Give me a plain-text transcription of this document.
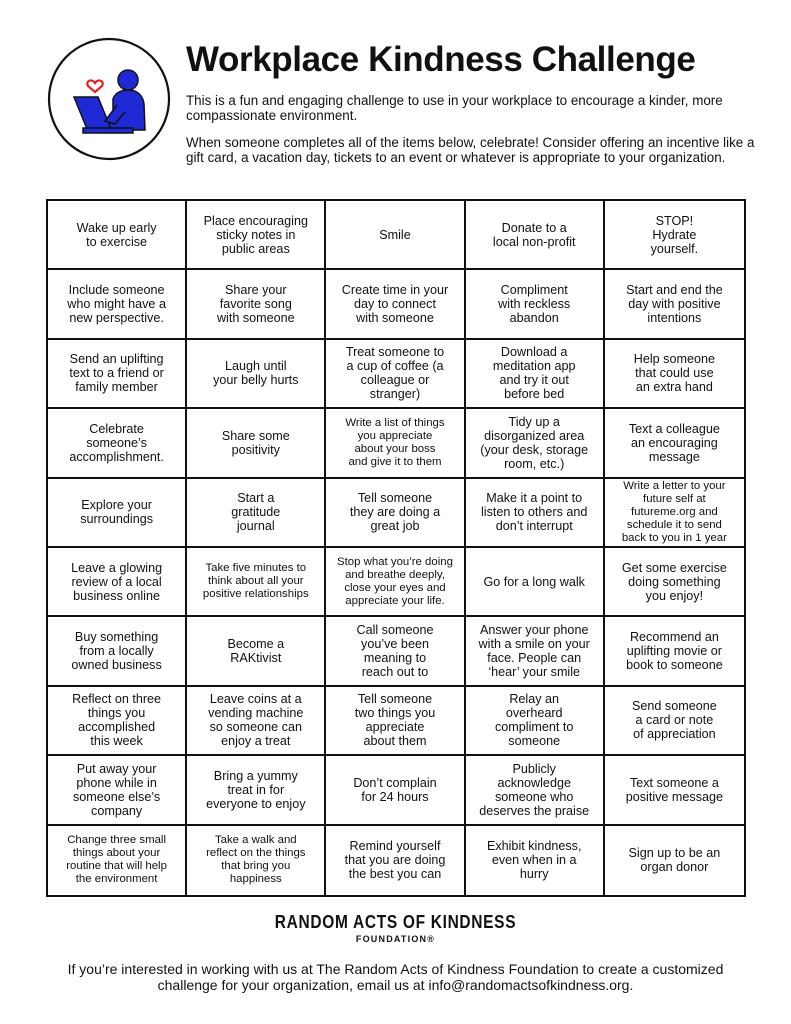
Workplace Kindness Challenge

This is a fun and engaging challenge to use in your workplace to encourage a kinder, more compassionate environment.

When someone completes all of the items below, celebrate! Consider offering an incentive like a gift card, a vacation day, tickets to an event or whatever is appropriate to your organization.

Wake up early
to exercise
Place encouraging
sticky notes in
public areas
Smile	Donate to a
local non-profit
STOP!
Hydrate
yourself.
Include someone
who might have a
new perspective.
Share your
favorite song
with someone
Create time in your
day to connect
with someone
Compliment
with reckless
abandon
Start and end the
day with positive
intentions
Send an uplifting
text to a friend or
family member
Laugh until
your belly hurts
Treat someone to
a cup of coffee (a
colleague or
stranger)
Download a
meditation app
and try it out
before bed
Help someone
that could use
an extra hand
Celebrate
someone’s
accomplishment.
Share some
positivity
Write a list of things
you appreciate
about your boss
and give it to them
Tidy up a
disorganized area
(your desk, storage
room, etc.)
Text a colleague
an encouraging
message
Explore your
surroundings
Start a
gratitude
journal
Tell someone
they are doing a
great job
Make it a point to
listen to others and
don’t interrupt
Write a letter to your
future self at
futureme.org and
schedule it to send
back to you in 1 year
Leave a glowing
review of a local
business online
Take five minutes to
think about all your
positive relationships
Stop what you’re doing
and breathe deeply,
close your eyes and
appreciate your life.
Go for a long walk
Get some exercise
doing something
you enjoy!
Buy something
from a locally
owned business
Become a
RAKtivist
Call someone
you’ve been
meaning to
reach out to
Answer your phone
with a smile on your
face. People can
‘hear’ your smile
Recommend an
uplifting movie or
book to someone
Reflect on three
things you
accomplished
this week
Leave coins at a
vending machine
so someone can
enjoy a treat
Tell someone
two things you
appreciate
about them
Relay an
overheard
compliment to
someone
Send someone
a card or note
of appreciation
Put away your
phone while in
someone else’s
company
Bring a yummy
treat in for
everyone to enjoy
Don’t complain
for 24 hours
Publicly
acknowledge
someone who
deserves the praise
Text someone a
positive message
Change three small
things about your
routine that will help
the environment
Take a walk and
reflect on the things
that bring you
happiness
Remind yourself
that you are doing
the best you can
Exhibit kindness,
even when in a
hurry
Sign up to be an
organ donor
RANDOM ACTS OF KINDNESS
FOUNDATION®

If you’re interested in working with us at The Random Acts of Kindness Foundation to create a customized challenge for your organization, email us at info@randomactsofkindness.org.
